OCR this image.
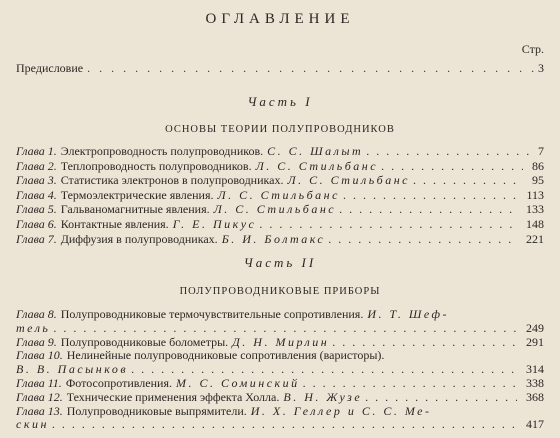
ОГЛАВЛЕНИЕ
Стр.
Предисловие . . .	3
Часть I
ОСНОВЫ ТЕОРИИ ПОЛУПРОВОДНИКОВ
Глава 1. Электропроводность полупроводников. С. С. Шалыт . . .	7
Глава 2. Теплопроводность полупроводников. Л. С. Стильбанс . . .	86
Глава 3. Статистика электронов в полупроводниках. Л. С. Стильбанс . . .	95
Глава 4. Термоэлектрические явления. Л. С. Стильбанс . . .	113
Глава 5. Гальваномагнитные явления. Л. С. Стильбанс . . .	133
Глава 6. Контактные явления. Г. Е. Пикус . . .	148
Глава 7. Диффузия в полупроводниках. Б. И. Болтакс . . .	221
Часть II
ПОЛУПРОВОДНИКОВЫЕ ПРИБОРЫ
Глава 8. Полупроводниковые термочувствительные сопротивления. И. Т. Шеф-
тель . . .	249
Глава 9. Полупроводниковые болометры. Д. Н. Мирлин . . .	291
Глава 10. Нелинейные полупроводниковые сопротивления (варисторы).
В. В. Пасынков . . .	314
Глава 11. Фотосопротивления. М. С. Соминский . . .	338
Глава 12. Технические применения эффекта Холла. В. Н. Жузе . . .	368
Глава 13. Полупроводниковые выпрямители. И. Х. Геллер и С. С. Ме-
скин . . .	417
